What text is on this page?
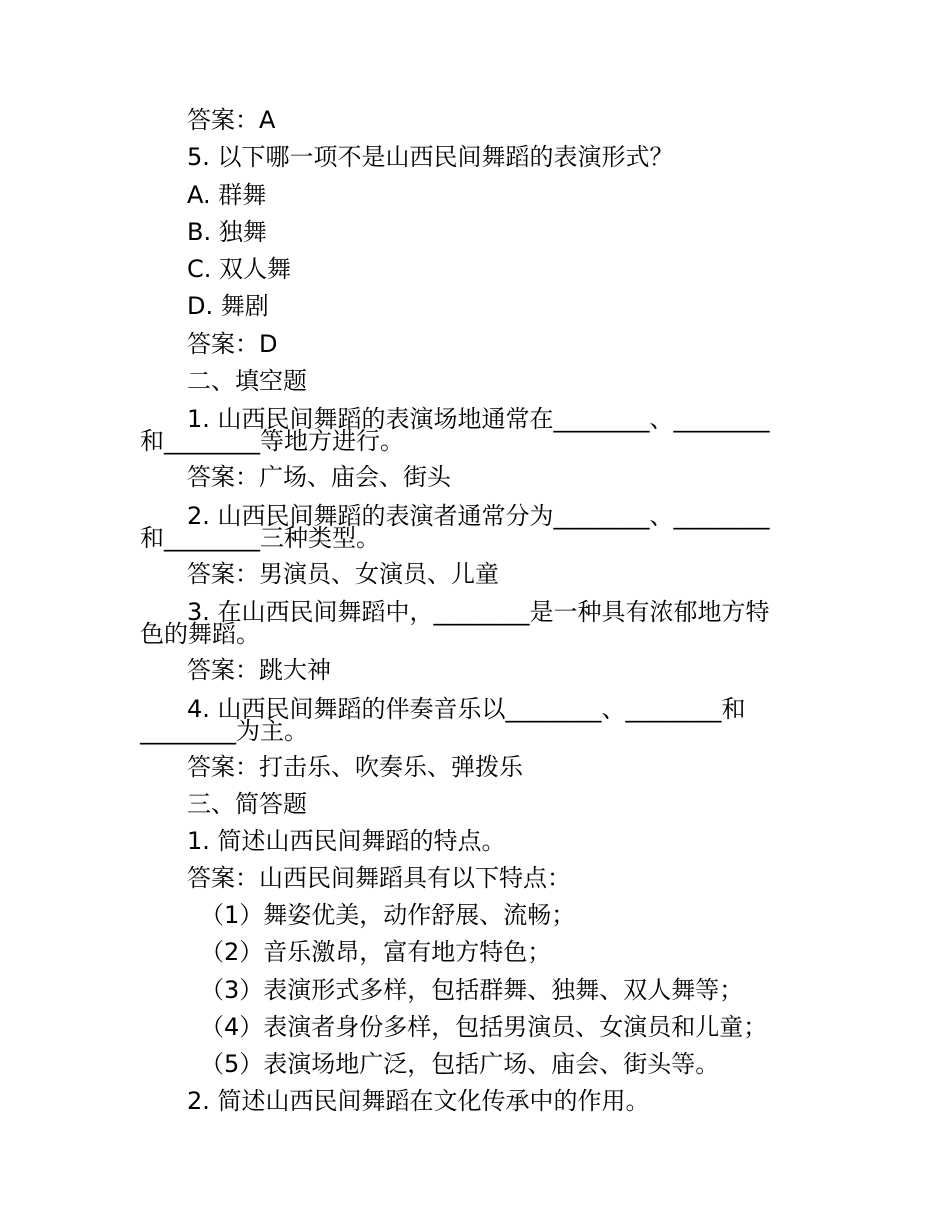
答案：A
5. 以下哪一项不是山西民间舞蹈的表演形式？
A. 群舞
B. 独舞
C. 双人舞
D. 舞剧
答案：D
二、填空题
1. 山西民间舞蹈的表演场地通常在________、________
和________等地方进行。
答案：广场、庙会、街头
2. 山西民间舞蹈的表演者通常分为________、________
和________三种类型。
答案：男演员、女演员、儿童
3. 在山西民间舞蹈中，________是一种具有浓郁地方特
色的舞蹈。
答案：跳大神
4. 山西民间舞蹈的伴奏音乐以________、________和
________为主。
答案：打击乐、吹奏乐、弹拨乐
三、简答题
1. 简述山西民间舞蹈的特点。
答案：山西民间舞蹈具有以下特点：
（1）舞姿优美，动作舒展、流畅；
（2）音乐激昂，富有地方特色；
（3）表演形式多样，包括群舞、独舞、双人舞等；
（4）表演者身份多样，包括男演员、女演员和儿童；
（5）表演场地广泛，包括广场、庙会、街头等。
2. 简述山西民间舞蹈在文化传承中的作用。
